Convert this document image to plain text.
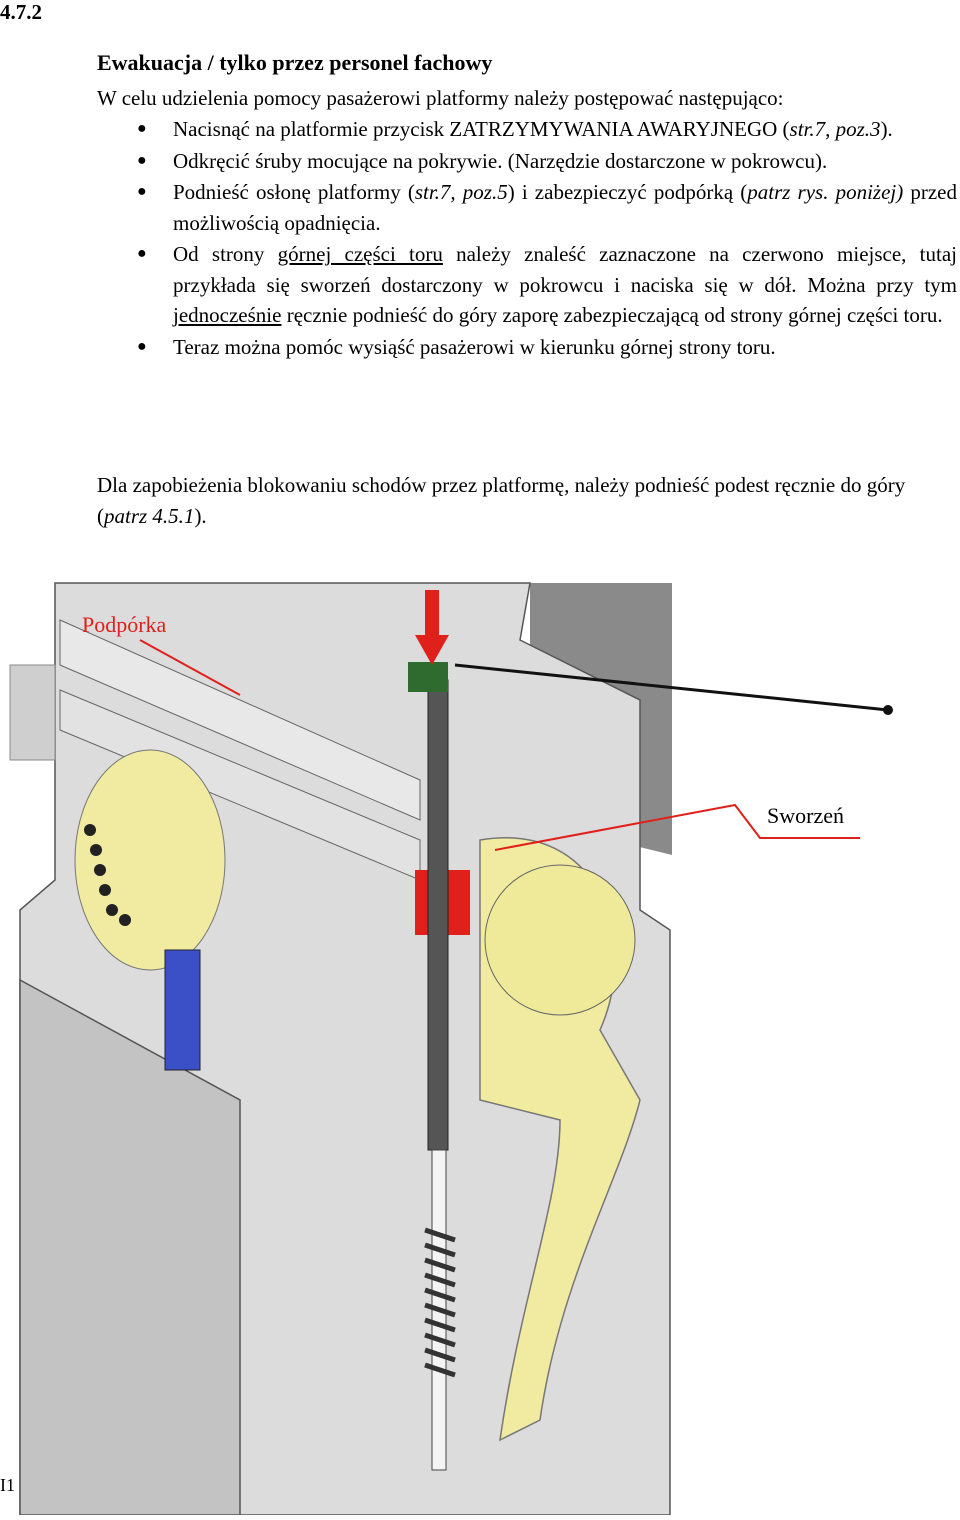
4.7.2
Ewakuacja / tylko przez personel fachowy
W celu udzielenia pomocy pasażerowi platformy należy postępować następująco:
● Nacisnąć na platformie przycisk ZATRZYMYWANIA AWARYJNEGO (str.7, poz.3).
● Odkręcić śruby mocujące na pokrywie. (Narzędzie dostarczone w pokrowcu).
● Podnieść osłonę platformy (str.7, poz.5) i zabezpieczyć podpórką (patrz rys. poniżej) przed możliwością opadnięcia.
● Od strony górnej części toru należy znaleść zaznaczone na czerwono miejsce, tutaj przykłada się sworzeń dostarczony w pokrowcu i naciska się w dół. Można przy tym jednocześnie ręcznie podnieść do góry zaporę zabezpieczającą od strony górnej części toru.
● Teraz można pomóc wysiąść pasażerowi w kierunku górnej strony toru.
Dla zapobieżenia blokowaniu schodów przez platformę, należy podnieść podest ręcznie do góry (patrz 4.5.1).
Podpórka
Sworzeń
I1
